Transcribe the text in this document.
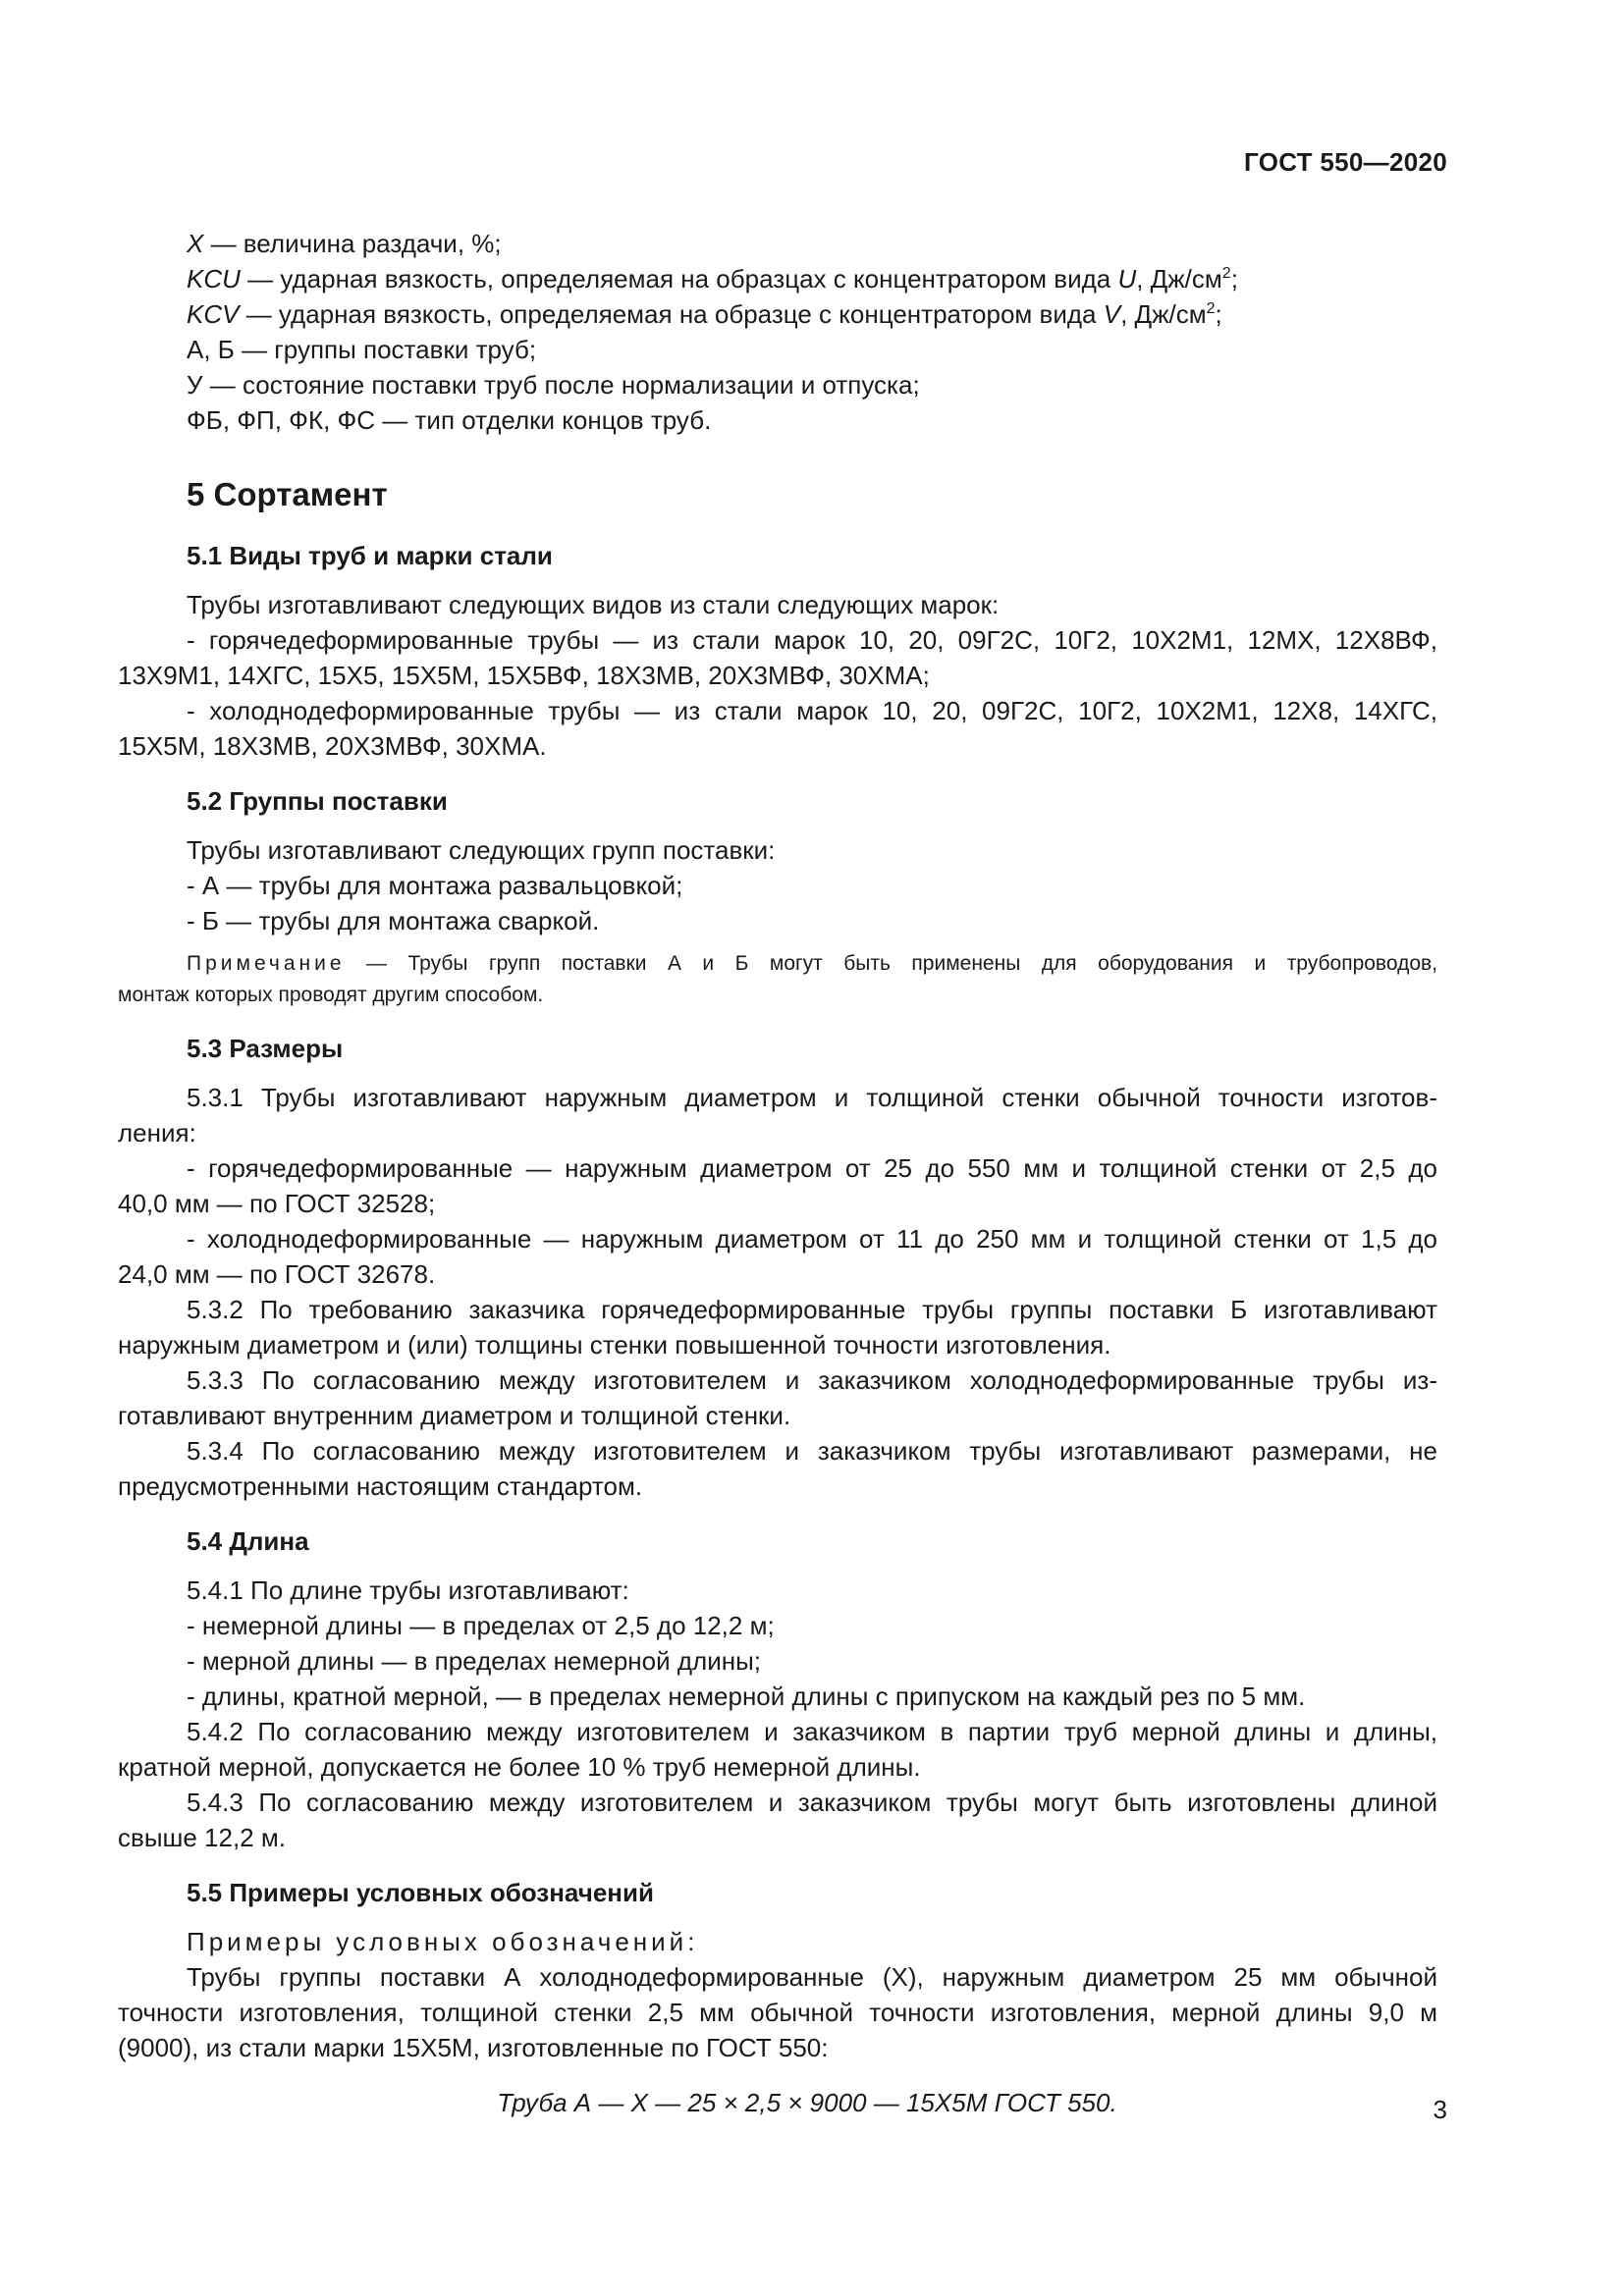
ГОСТ 550—2020
X — величина раздачи, %;
KCU — ударная вязкость, определяемая на образцах с концентратором вида U, $Дж/см^2$;
KCV — ударная вязкость, определяемая на образце с концентратором вида V, $Дж/см^2$;
А, Б — группы поставки труб;
У — состояние поставки труб после нормализации и отпуска;
ФБ, ФП, ФК, ФС — тип отделки концов труб.
5 Сортамент
5.1 Виды труб и марки стали
Трубы изготавливают следующих видов из стали следующих марок:
- горячедеформированные трубы — из стали марок 10, 20, 09Г2С, 10Г2, 10Х2М1, 12МХ, 12Х8ВФ,
13Х9М1, 14ХГС, 15Х5, 15Х5М, 15Х5ВФ, 18Х3МВ, 20Х3МВФ, 30ХМА;
- холоднодеформированные трубы — из стали марок 10, 20, 09Г2С, 10Г2, 10Х2М1, 12Х8, 14ХГС,
15Х5М, 18Х3МВ, 20Х3МВФ, 30ХМА.
5.2 Группы поставки
Трубы изготавливают следующих групп поставки:
- А — трубы для монтажа развальцовкой;
- Б — трубы для монтажа сваркой.
Примечание — Трубы групп поставки А и Б могут быть применены для оборудования и трубопроводов,
монтаж которых проводят другим способом.
5.3 Размеры
5.3.1 Трубы изготавливают наружным диаметром и толщиной стенки обычной точности изготов-
ления:
- горячедеформированные — наружным диаметром от 25 до 550 мм и толщиной стенки от 2,5 до
40,0 мм — по ГОСТ 32528;
- холоднодеформированные — наружным диаметром от 11 до 250 мм и толщиной стенки от 1,5 до
24,0 мм — по ГОСТ 32678.
5.3.2 По требованию заказчика горячедеформированные трубы группы поставки Б изготавливают
наружным диаметром и (или) толщины стенки повышенной точности изготовления.
5.3.3 По согласованию между изготовителем и заказчиком холоднодеформированные трубы из-
готавливают внутренним диаметром и толщиной стенки.
5.3.4 По согласованию между изготовителем и заказчиком трубы изготавливают размерами, не
предусмотренными настоящим стандартом.
5.4 Длина
5.4.1 По длине трубы изготавливают:
- немерной длины — в пределах от 2,5 до 12,2 м;
- мерной длины — в пределах немерной длины;
- длины, кратной мерной, — в пределах немерной длины с припуском на каждый рез по 5 мм.
5.4.2 По согласованию между изготовителем и заказчиком в партии труб мерной длины и длины,
кратной мерной, допускается не более 10 % труб немерной длины.
5.4.3 По согласованию между изготовителем и заказчиком трубы могут быть изготовлены длиной
свыше 12,2 м.
5.5 Примеры условных обозначений
Примеры условных обозначений:
Трубы группы поставки А холоднодеформированные (Х), наружным диаметром 25 мм обычной
точности изготовления, толщиной стенки 2,5 мм обычной точности изготовления, мерной длины 9,0 м
(9000), из стали марки 15Х5М, изготовленные по ГОСТ 550:
Труба А — Х — 25 × 2,5 × 9000 — 15Х5М ГОСТ 550.	3
